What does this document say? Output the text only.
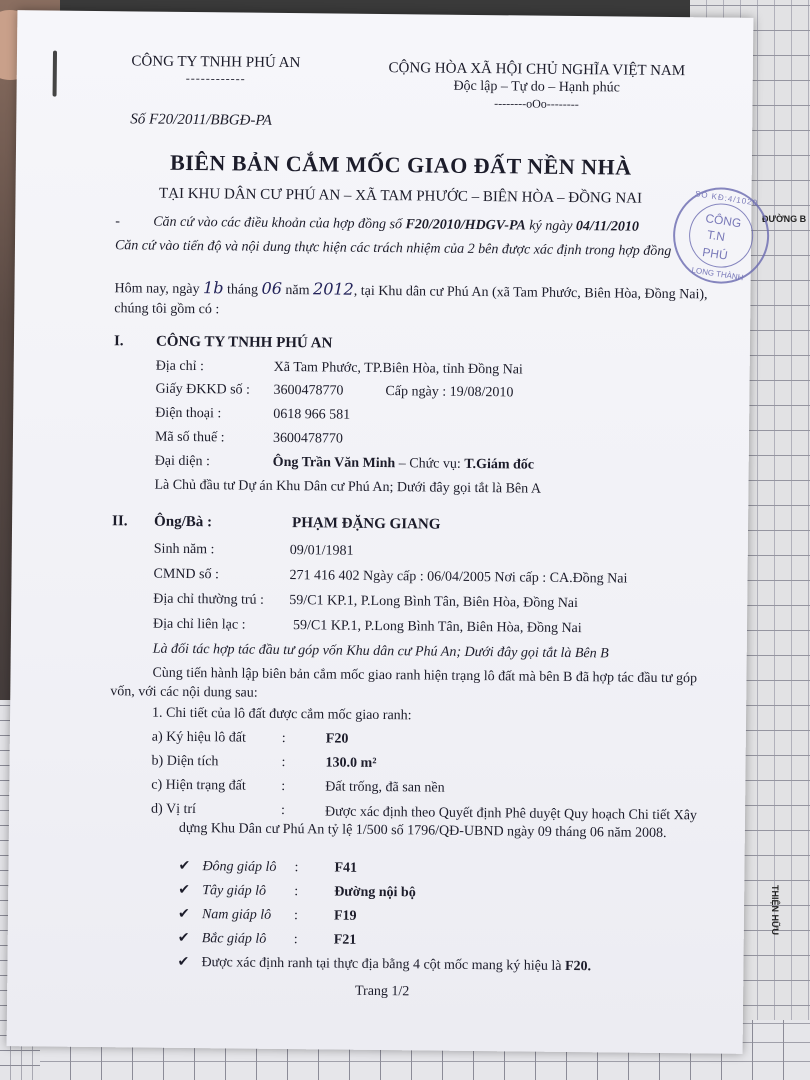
ĐƯỜNG B
THIỆN HỮU
CÔNG TY TNHH PHÚ AN
------------	CỘNG HÒA XÃ HỘI CHỦ NGHĨA VIỆT NAM
Độc lập – Tự do – Hạnh phúc
--------oOo--------
Số F20/2011/BBGĐ-PA
BIÊN BẢN CẮM MỐC GIAO ĐẤT NỀN NHÀ
TẠI KHU DÂN CƯ PHÚ AN – XÃ TAM PHƯỚC – BIÊN HÒA – ĐỒNG NAI
- Căn cứ vào các điều khoản của hợp đồng số F20/2010/HDGV-PA ký ngày 04/11/2010
Căn cứ vào tiến độ và nội dung thực hiện các trách nhiệm của 2 bên được xác định trong hợp đồng
Hôm nay, ngày 1b tháng 06 năm 2012, tại Khu dân cư Phú An (xã Tam Phước, Biên Hòa, Đồng Nai), chúng tôi gồm có :
I. CÔNG TY TNHH PHÚ AN
Địa chỉ :	Xã Tam Phước, TP.Biên Hòa, tỉnh Đồng Nai
Giấy ĐKKD số : 3600478770	Cấp ngày : 19/08/2010
Điện thoại :	0618 966 581
Mã số thuế :	3600478770
Đại diện :	Ông Trần Văn Minh – Chức vụ: T.Giám đốc
Là Chủ đầu tư Dự án Khu Dân cư Phú An; Dưới đây gọi tắt là Bên A
II. Ông/Bà :	PHẠM ĐẶNG GIANG
Sinh năm :	09/01/1981
CMND số :	271 416 402 Ngày cấp : 06/04/2005 Nơi cấp : CA.Đồng Nai
Địa chỉ thường trú : 59/C1 KP.1, P.Long Bình Tân, Biên Hòa, Đồng Nai
Địa chỉ liên lạc :	59/C1 KP.1, P.Long Bình Tân, Biên Hòa, Đồng Nai
Là đối tác hợp tác đầu tư góp vốn Khu dân cư Phú An; Dưới đây gọi tắt là Bên B
Cùng tiến hành lập biên bản cắm mốc giao ranh hiện trạng lô đất mà bên B đã hợp tác đầu tư góp vốn, với các nội dung sau:
1. Chi tiết của lô đất được cắm mốc giao ranh:
a) Ký hiệu lô đất	:	F20
b) Diện tích	:	130.0 m²
c) Hiện trạng đất	:	Đất trống, đã san nền
d) Vị trí	:	Được xác định theo Quyết định Phê duyệt Quy hoạch Chi tiết Xây dựng Khu Dân cư Phú An tỷ lệ 1/500 số 1796/QĐ-UBND ngày 09 tháng 06 năm 2008.
✔ Đông giáp lô :	F41
✔ Tây giáp lô :	Đường nội bộ
✔ Nam giáp lô :	F19
✔ Bắc giáp lô :	F21
✔ Được xác định ranh tại thực địa bằng 4 cột mốc mang ký hiệu là F20.
Trang 1/2
SỐ KĐ:4/1020
CÔNG
T.N
PHÚ
LONG THÀNH
